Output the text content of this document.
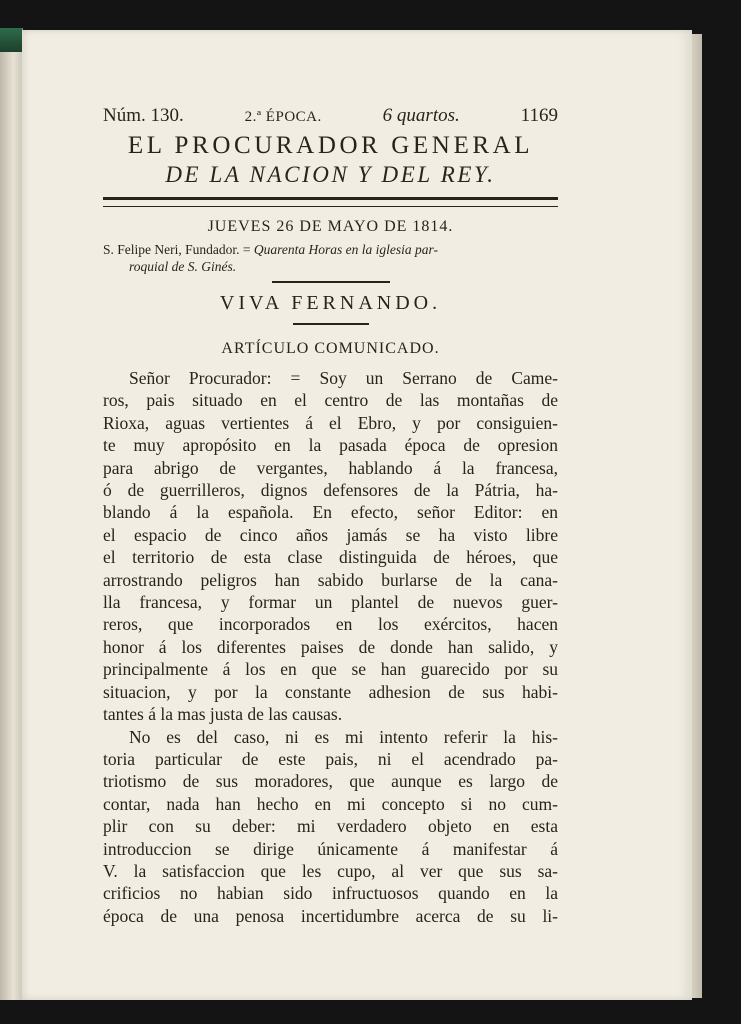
Núm. 130.	2.ª ÉPOCA.	6 quartos.	1169
EL PROCURADOR GENERAL
DE LA NACION Y DEL REY.
JUEVES 26 DE MAYO DE 1814.
S. Felipe Neri, Fundador. = Quarenta Horas en la iglesia par-
roquial de S. Ginés.
VIVA FERNANDO.
ARTÍCULO COMUNICADO.

Señor Procurador: = Soy un Serrano de Came-
ros, pais situado en el centro de las montañas de
Rioxa, aguas vertientes á el Ebro, y por consiguien-
te muy apropósito en la pasada época de opresion
para abrigo de vergantes, hablando á la francesa,
ó de guerrilleros, dignos defensores de la Pátria, ha-
blando á la española. En efecto, señor Editor: en
el espacio de cinco años jamás se ha visto libre
el territorio de esta clase distinguida de héroes, que
arrostrando peligros han sabido burlarse de la cana-
lla francesa, y formar un plantel de nuevos guer-
reros, que incorporados en los exércitos, hacen
honor á los diferentes paises de donde han salido, y
principalmente á los en que se han guarecido por su
situacion, y por la constante adhesion de sus habi-
tantes á la mas justa de las causas.

No es del caso, ni es mi intento referir la his-
toria particular de este pais, ni el acendrado pa-
triotismo de sus moradores, que aunque es largo de
contar, nada han hecho en mi concepto si no cum-
plir con su deber: mi verdadero objeto en esta
introduccion se dirige únicamente á manifestar á
V. la satisfaccion que les cupo, al ver que sus sa-
crificios no habian sido infructuosos quando en la
época de una penosa incertidumbre acerca de su li-
